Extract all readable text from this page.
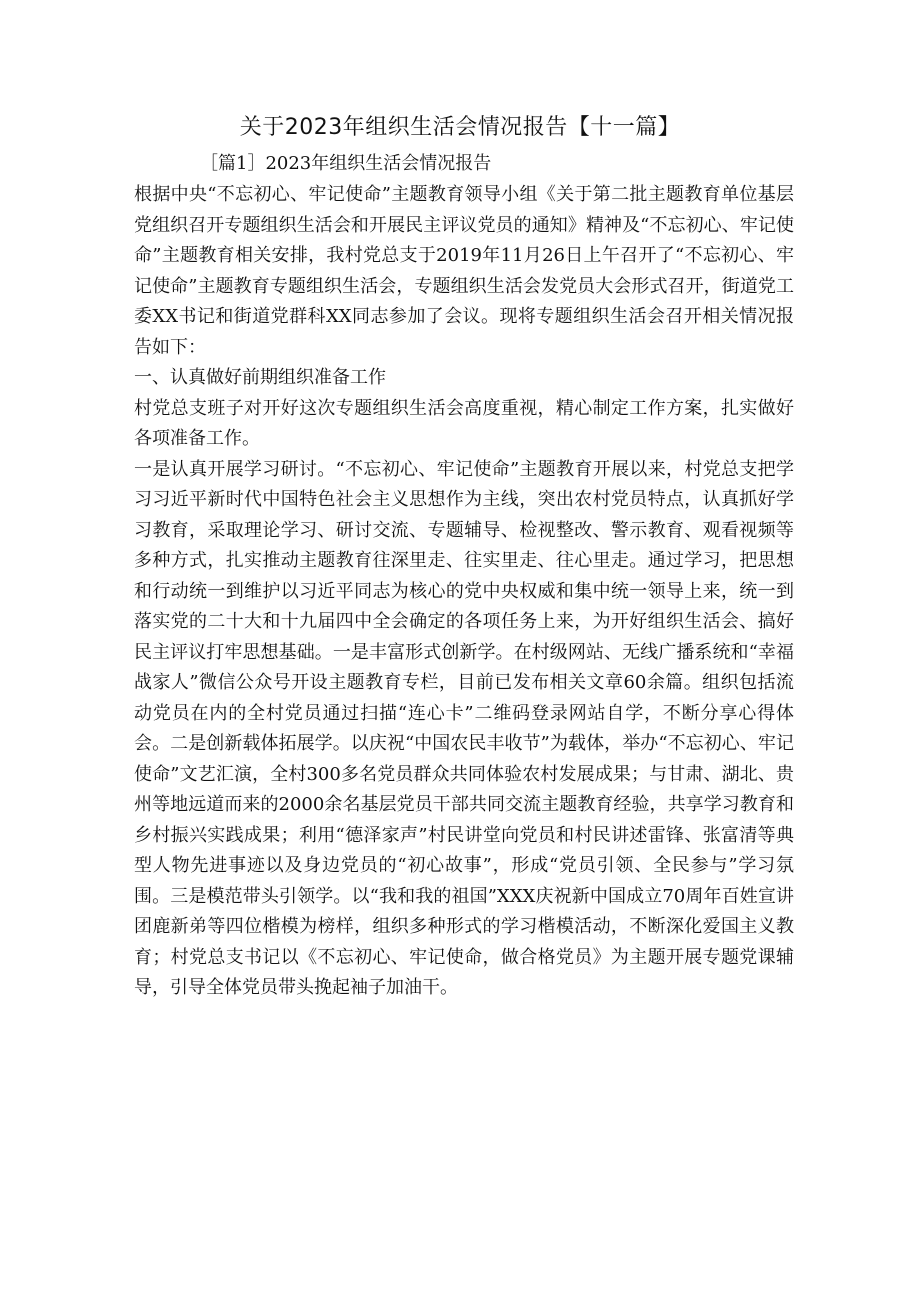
关于2023年组织生活会情况报告【十一篇】

［篇1］2023年组织生活会情况报告

根据中央“不忘初心、牢记使命”主题教育领导小组《关于第二批主题教育单位基层党组织召开专题组织生活会和开展民主评议党员的通知》精神及“不忘初心、牢记使命”主题教育相关安排，我村党总支于2019年11月26日上午召开了“不忘初心、牢记使命”主题教育专题组织生活会，专题组织生活会发党员大会形式召开，街道党工委XX书记和街道党群科XX同志参加了会议。现将专题组织生活会召开相关情况报告如下：

一、认真做好前期组织准备工作

村党总支班子对开好这次专题组织生活会高度重视，精心制定工作方案，扎实做好各项准备工作。

一是认真开展学习研讨。“不忘初心、牢记使命”主题教育开展以来，村党总支把学习习近平新时代中国特色社会主义思想作为主线，突出农村党员特点，认真抓好学习教育，采取理论学习、研讨交流、专题辅导、检视整改、警示教育、观看视频等多种方式，扎实推动主题教育往深里走、往实里走、往心里走。通过学习，把思想和行动统一到维护以习近平同志为核心的党中央权威和集中统一领导上来，统一到落实党的二十大和十九届四中全会确定的各项任务上来，为开好组织生活会、搞好民主评议打牢思想基础。一是丰富形式创新学。在村级网站、无线广播系统和“幸福战家人”微信公众号开设主题教育专栏，目前已发布相关文章60余篇。组织包括流动党员在内的全村党员通过扫描“连心卡”二维码登录网站自学，不断分享心得体会。二是创新载体拓展学。以庆祝“中国农民丰收节”为载体，举办“不忘初心、牢记使命”文艺汇演，全村300多名党员群众共同体验农村发展成果；与甘肃、湖北、贵州等地远道而来的2000余名基层党员干部共同交流主题教育经验，共享学习教育和乡村振兴实践成果；利用“德泽家声”村民讲堂向党员和村民讲述雷锋、张富清等典型人物先进事迹以及身边党员的“初心故事”，形成“党员引领、全民参与”学习氛围。三是模范带头引领学。以“我和我的祖国”XXX庆祝新中国成立70周年百姓宣讲团鹿新弟等四位楷模为榜样，组织多种形式的学习楷模活动，不断深化爱国主义教育；村党总支书记以《不忘初心、牢记使命，做合格党员》为主题开展专题党课辅导，引导全体党员带头挽起袖子加油干。
